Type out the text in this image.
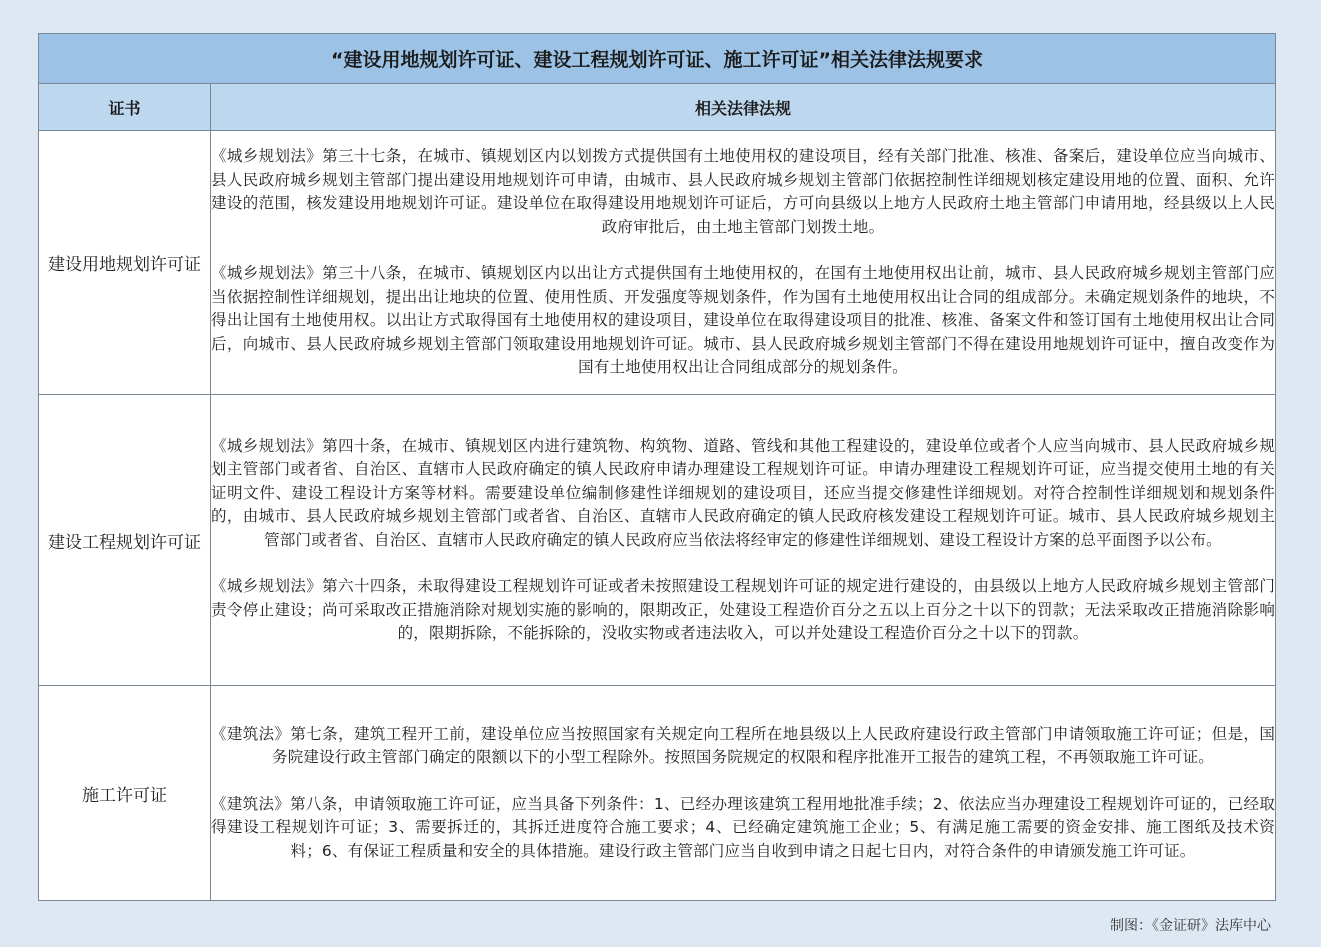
“建设用地规划许可证、建设工程规划许可证、施工许可证”相关法律法规要求	
证书	相关法律法规
建设用地规划许可证	《城乡规划法》第三十七条，在城市、镇规划区内以划拨方式提供国有土地使用权的建设项目，经有关部门批准、核准、备案后，建设单位应当向城市、县人民政府城乡规划主管部门提出建设用地规划许可申请，由城市、县人民政府城乡规划主管部门依据控制性详细规划核定建设用地的位置、面积、允许建设的范围，核发建设用地规划许可证。建设单位在取得建设用地规划许可证后，方可向县级以上地方人民政府土地主管部门申请用地，经县级以上人民政府审批后，由土地主管部门划拨土地。

《城乡规划法》第三十八条，在城市、镇规划区内以出让方式提供国有土地使用权的，在国有土地使用权出让前，城市、县人民政府城乡规划主管部门应当依据控制性详细规划，提出出让地块的位置、使用性质、开发强度等规划条件，作为国有土地使用权出让合同的组成部分。未确定规划条件的地块，不得出让国有土地使用权。以出让方式取得国有土地使用权的建设项目，建设单位在取得建设项目的批准、核准、备案文件和签订国有土地使用权出让合同后，向城市、县人民政府城乡规划主管部门领取建设用地规划许可证。城市、县人民政府城乡规划主管部门不得在建设用地规划许可证中，擅自改变作为国有土地使用权出让合同组成部分的规划条件。

建设工程规划许可证	《城乡规划法》第四十条，在城市、镇规划区内进行建筑物、构筑物、道路、管线和其他工程建设的，建设单位或者个人应当向城市、县人民政府城乡规划主管部门或者省、自治区、直辖市人民政府确定的镇人民政府申请办理建设工程规划许可证。申请办理建设工程规划许可证，应当提交使用土地的有关证明文件、建设工程设计方案等材料。需要建设单位编制修建性详细规划的建设项目，还应当提交修建性详细规划。对符合控制性详细规划和规划条件的，由城市、县人民政府城乡规划主管部门或者省、自治区、直辖市人民政府确定的镇人民政府核发建设工程规划许可证。城市、县人民政府城乡规划主管部门或者省、自治区、直辖市人民政府确定的镇人民政府应当依法将经审定的修建性详细规划、建设工程设计方案的总平面图予以公布。

《城乡规划法》第六十四条，未取得建设工程规划许可证或者未按照建设工程规划许可证的规定进行建设的，由县级以上地方人民政府城乡规划主管部门责令停止建设；尚可采取改正措施消除对规划实施的影响的，限期改正，处建设工程造价百分之五以上百分之十以下的罚款；无法采取改正措施消除影响的，限期拆除，不能拆除的，没收实物或者违法收入，可以并处建设工程造价百分之十以下的罚款。

施工许可证	《建筑法》第七条，建筑工程开工前，建设单位应当按照国家有关规定向工程所在地县级以上人民政府建设行政主管部门申请领取施工许可证；但是，国务院建设行政主管部门确定的限额以下的小型工程除外。按照国务院规定的权限和程序批准开工报告的建筑工程，不再领取施工许可证。

《建筑法》第八条，申请领取施工许可证，应当具备下列条件：1、已经办理该建筑工程用地批准手续；2、依法应当办理建设工程规划许可证的，已经取得建设工程规划许可证；3、需要拆迁的，其拆迁进度符合施工要求；4、已经确定建筑施工企业；5、有满足施工需要的资金安排、施工图纸及技术资料；6、有保证工程质量和安全的具体措施。建设行政主管部门应当自收到申请之日起七日内，对符合条件的申请颁发施工许可证。

制图：《金证研》法库中心
